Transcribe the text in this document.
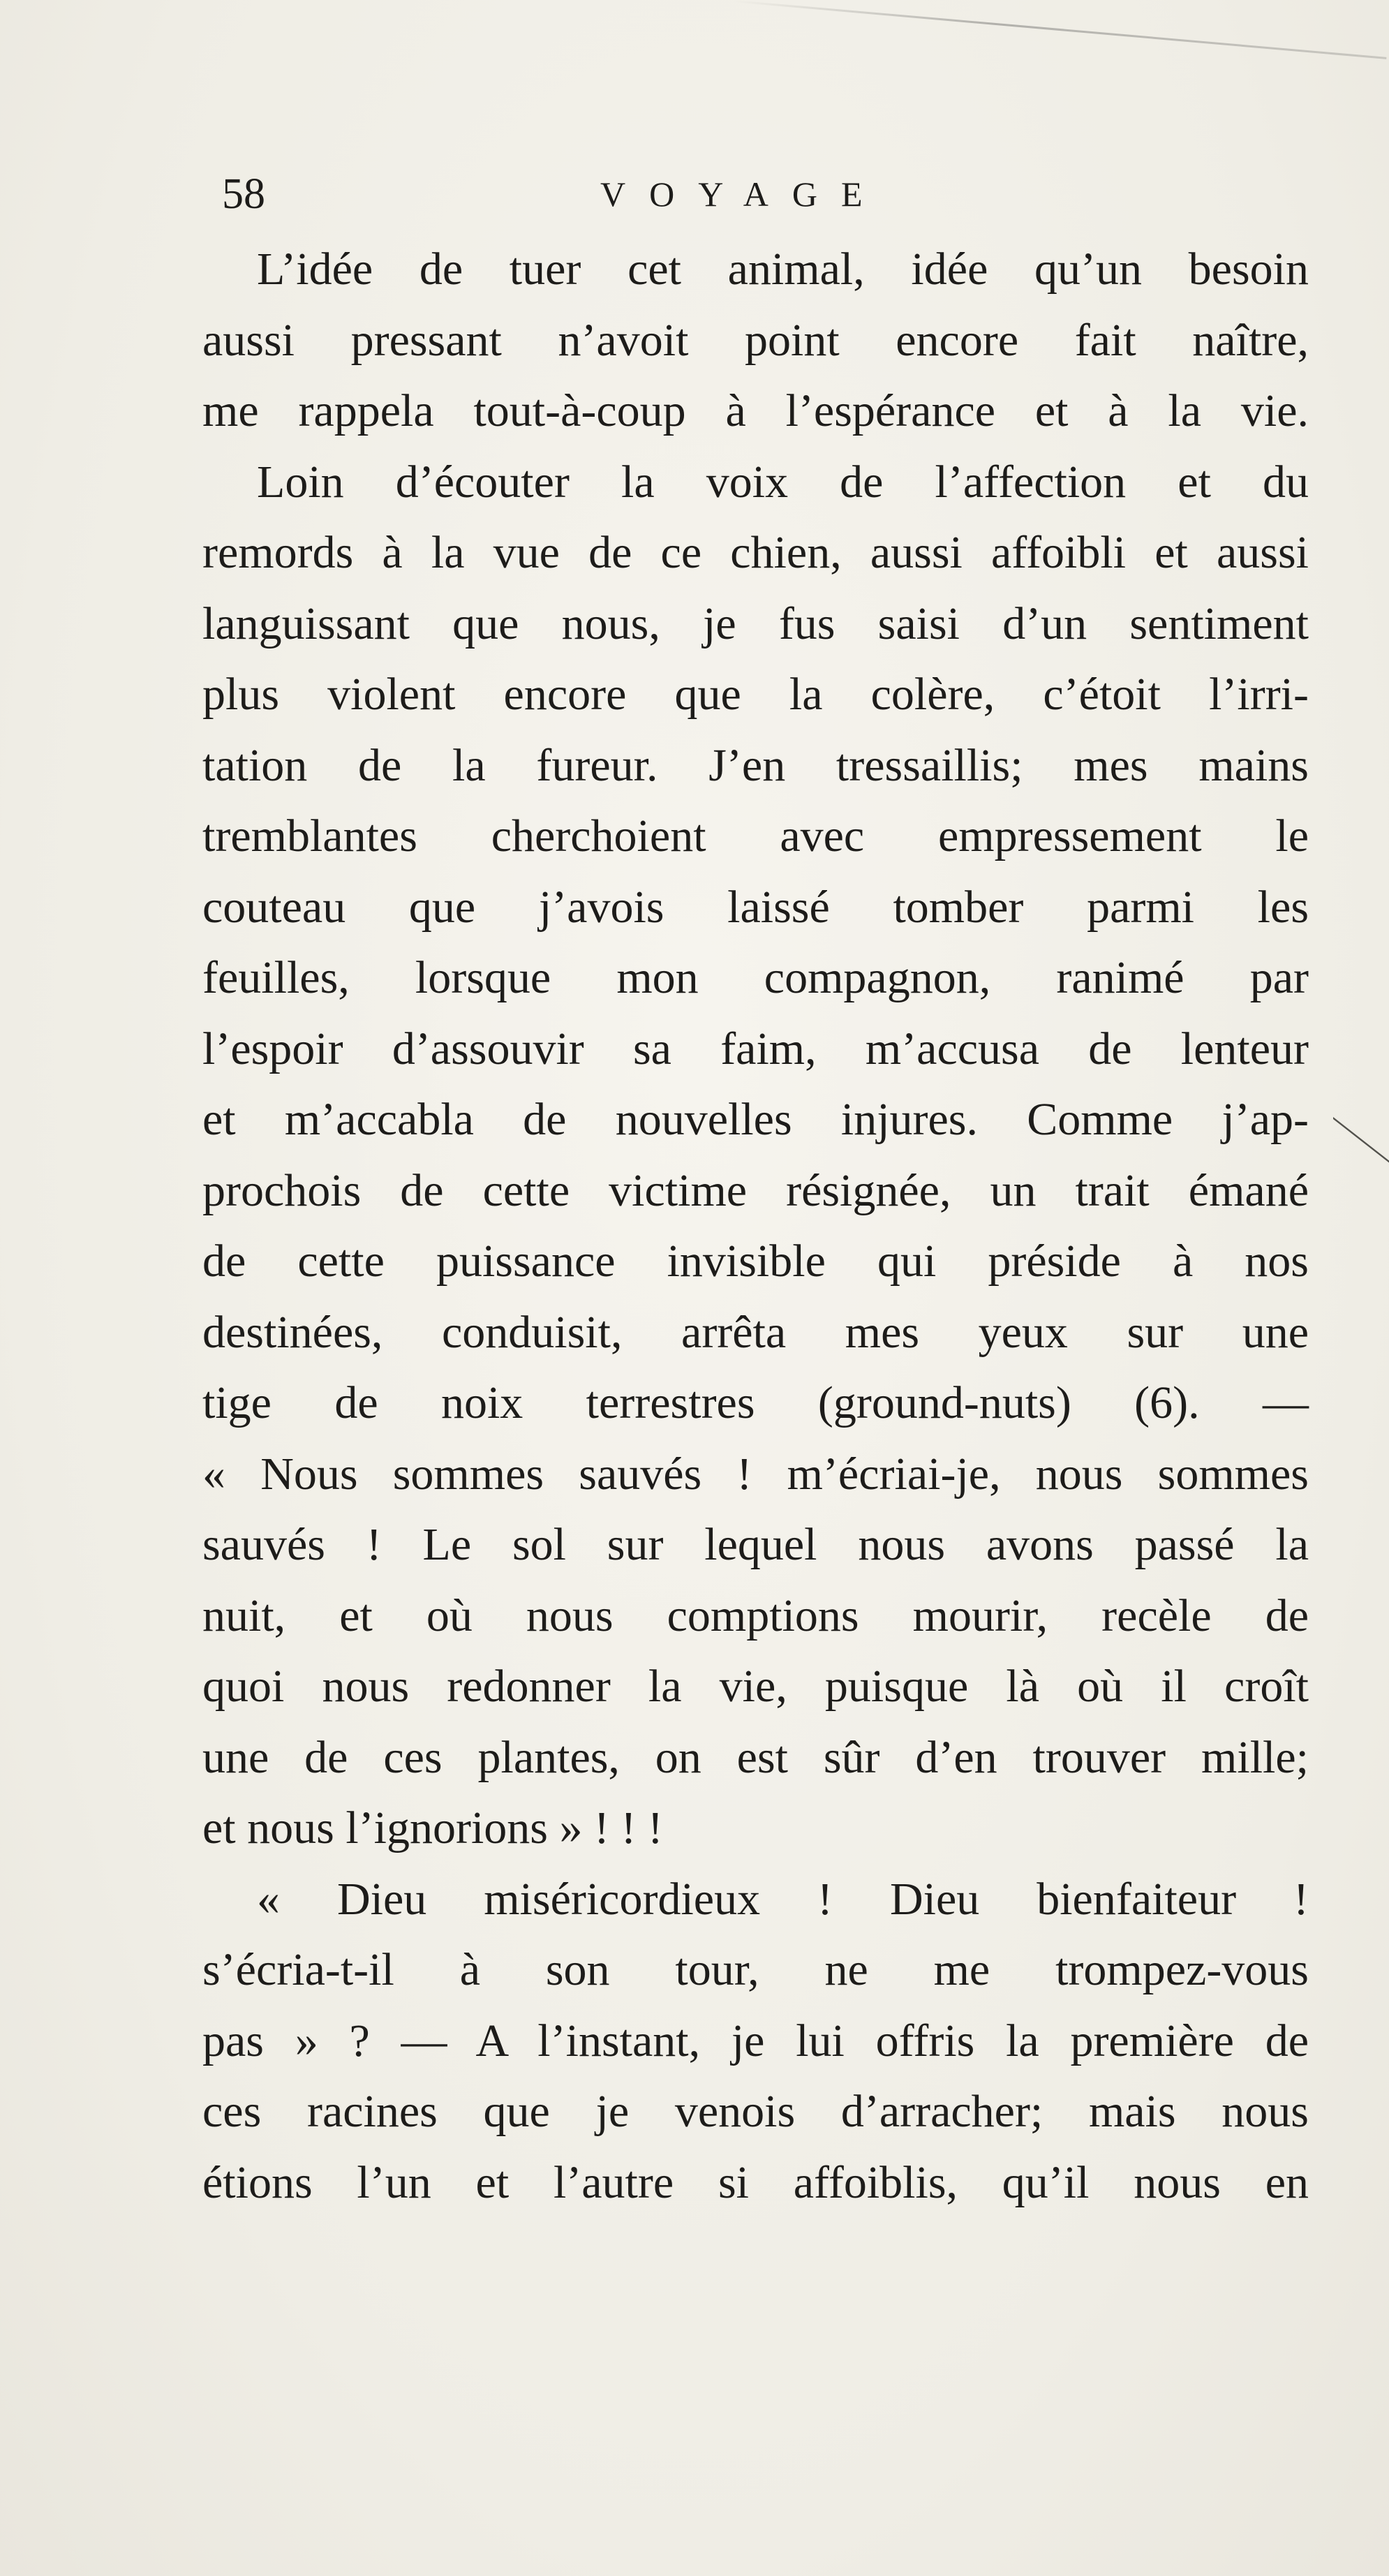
58	VOYAGE

L’idée de tuer cet animal, idée qu’un besoin
aussi pressant n’avoit point encore fait naître,
me rappela tout-à-coup à l’espérance et à la vie.

Loin d’écouter la voix de l’affection et du
remords à la vue de ce chien, aussi affoibli et aussi
languissant que nous, je fus saisi d’un sentiment
plus violent encore que la colère, c’étoit l’irri-
tation de la fureur. J’en tressaillis; mes mains
tremblantes cherchoient avec empressement le
couteau que j’avois laissé tomber parmi les
feuilles, lorsque mon compagnon, ranimé par
l’espoir d’assouvir sa faim, m’accusa de lenteur
et m’accabla de nouvelles injures. Comme j’ap-
prochois de cette victime résignée, un trait émané
de cette puissance invisible qui préside à nos
destinées, conduisit, arrêta mes yeux sur une
tige de noix terrestres (ground-nuts) (6). —
« Nous sommes sauvés ! m’écriai-je, nous sommes
sauvés ! Le sol sur lequel nous avons passé la
nuit, et où nous comptions mourir, recèle de
quoi nous redonner la vie, puisque là où il croît
une de ces plantes, on est sûr d’en trouver mille;
et nous l’ignorions » ! ! !

« Dieu miséricordieux ! Dieu bienfaiteur !
s’écria-t-il à son tour, ne me trompez-vous
pas » ? — A l’instant, je lui offris la première de
ces racines que je venois d’arracher; mais nous
étions l’un et l’autre si affoiblis, qu’il nous en
